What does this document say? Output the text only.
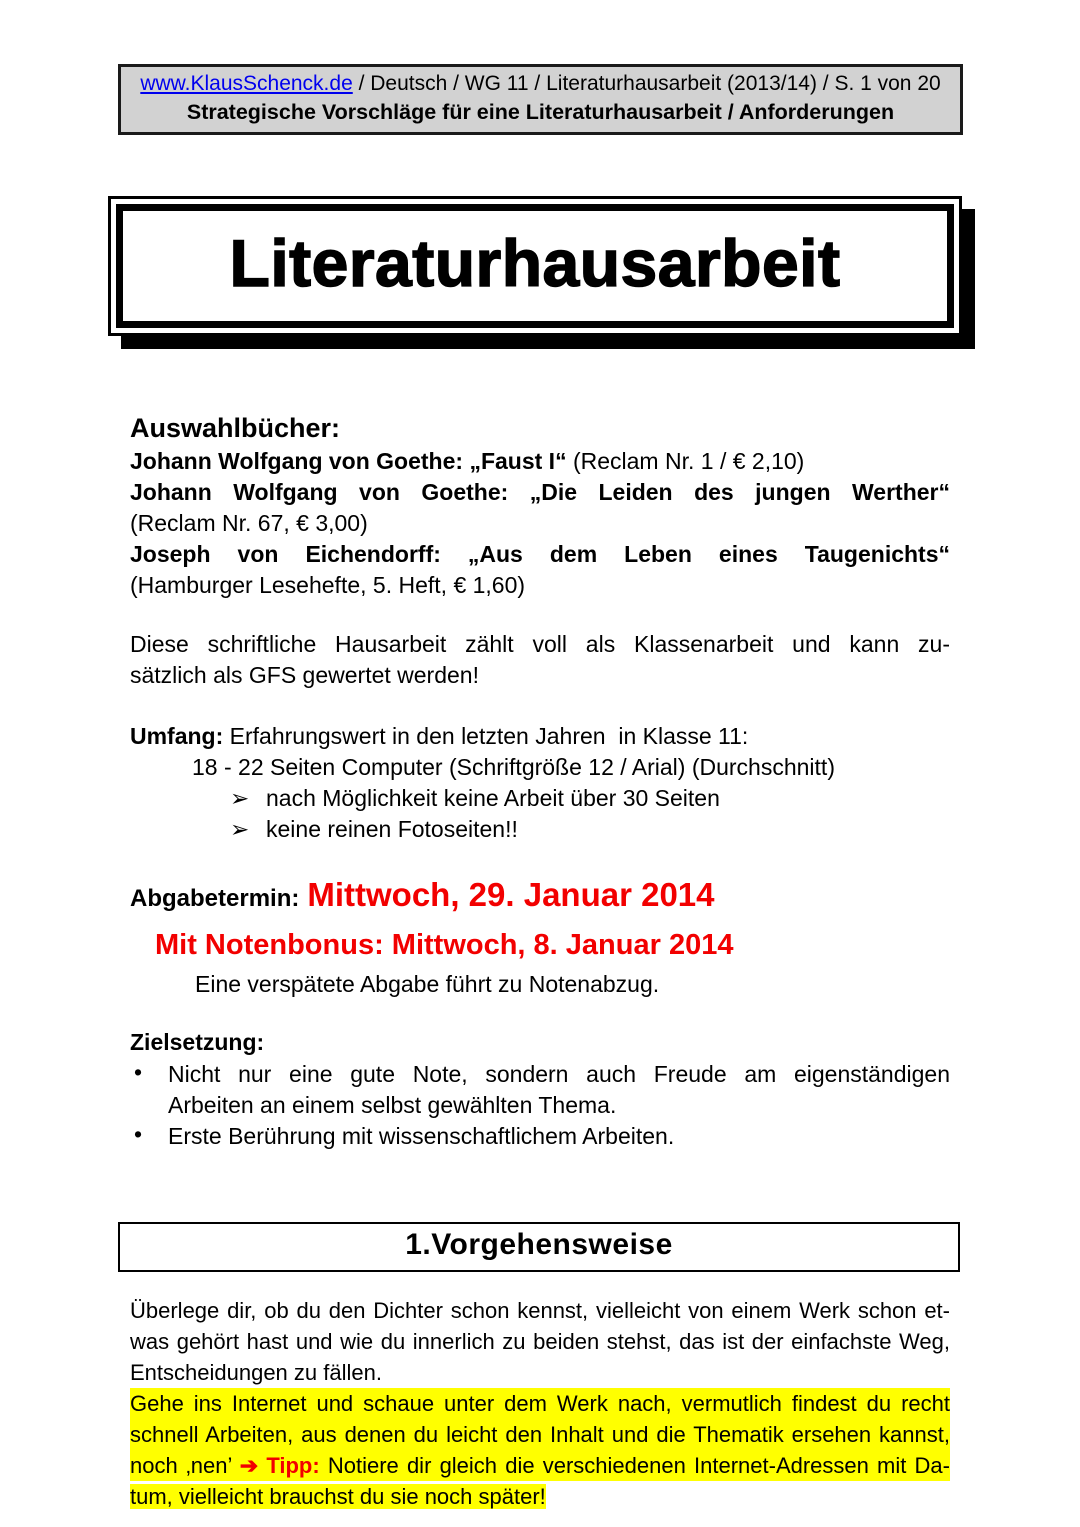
www.KlausSchenck.de / Deutsch / WG 11 / Literaturhausarbeit (2013/14) / S. 1 von 20
Strategische Vorschläge für eine Literaturhausarbeit / Anforderungen
Literaturhausarbeit
Auswahlbücher:
Johann Wolfgang von Goethe: „Faust I“ (Reclam Nr. 1 / € 2,10)
Johann Wolfgang von Goethe: „Die Leiden des jungen Werther“
(Reclam Nr. 67, € 3,00)
Joseph von Eichendorff: „Aus dem Leben eines Taugenichts“
(Hamburger Lesehefte, 5. Heft, € 1,60)
Diese schriftliche Hausarbeit zählt voll als Klassenarbeit und kann zu-
sätzlich als GFS gewertet werden!
Umfang: Erfahrungswert in den letzten Jahren  in Klasse 11:
18 - 22 Seiten Computer (Schriftgröße 12 / Arial) (Durchschnitt)
➢ nach Möglichkeit keine Arbeit über 30 Seiten
➢ keine reinen Fotoseiten!!
Abgabetermin: Mittwoch, 29. Januar 2014
Mit Notenbonus: Mittwoch, 8. Januar 2014
Eine verspätete Abgabe führt zu Notenabzug.
Zielsetzung:
•	Nicht nur eine gute Note, sondern auch Freude am eigenständigen
Arbeiten an einem selbst gewählten Thema.
•	Erste Berührung mit wissenschaftlichem Arbeiten.
1.Vorgehensweise
Überlege dir, ob du den Dichter schon kennst, vielleicht von einem Werk schon et-
was gehört hast und wie du innerlich zu beiden stehst, das ist der einfachste Weg,
Entscheidungen zu fällen.
Gehe ins Internet und schaue unter dem Werk nach, vermutlich findest du recht
schnell Arbeiten, aus denen du leicht den Inhalt und die Thematik ersehen kannst,
noch ‚nen’ ➔ Tipp: Notiere dir gleich die verschiedenen Internet-Adressen mit Da-
tum, vielleicht brauchst du sie noch später!
